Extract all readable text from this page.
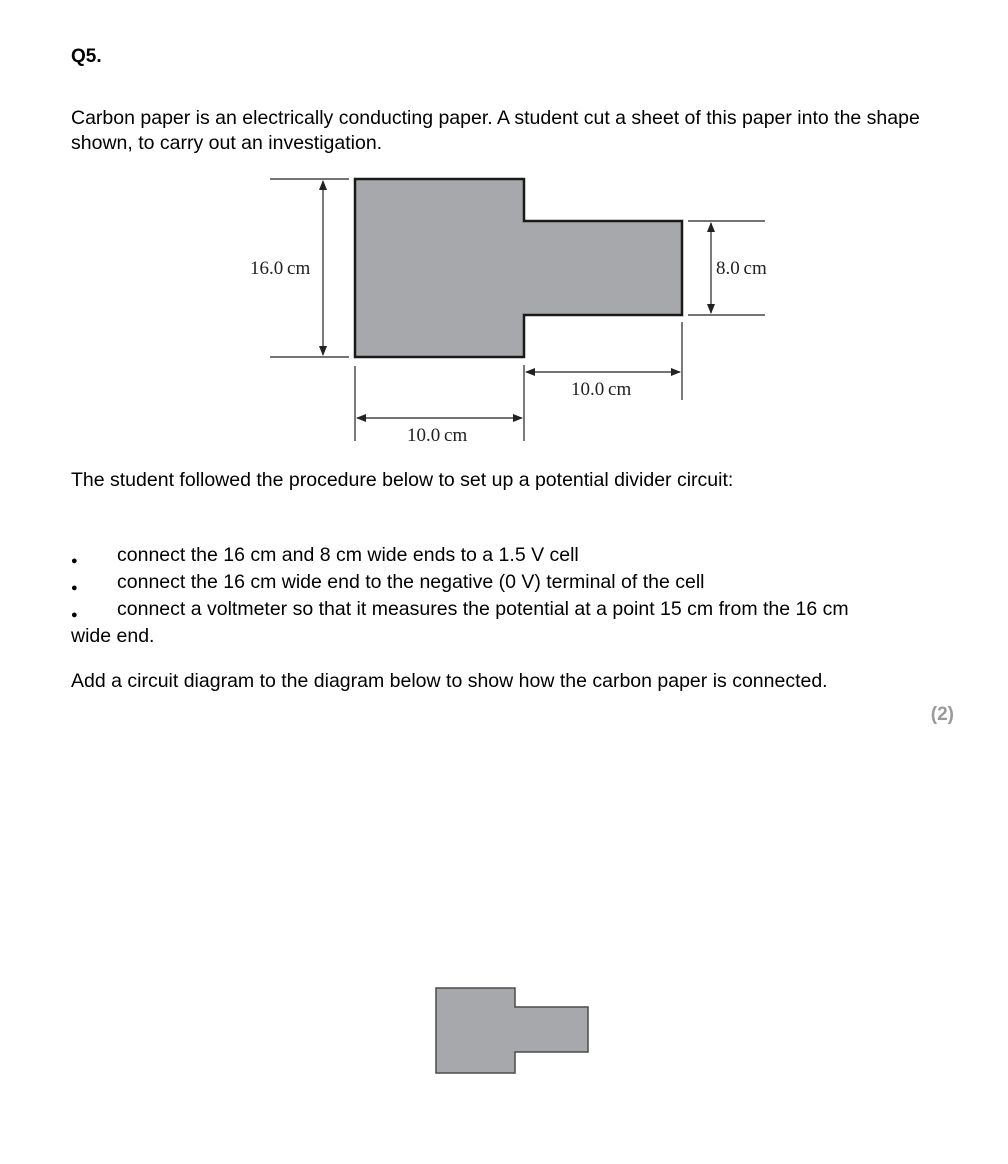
Q5.
Carbon paper is an electrically conducting paper. A student cut a sheet of this paper into the shape shown, to carry out an investigation.
16.0 cm	8.0 cm
10.0 cm
10.0 cm
The student followed the procedure below to set up a potential divider circuit:
● connect the 16 cm and 8 cm wide ends to a 1.5 V cell
● connect the 16 cm wide end to the negative (0 V) terminal of the cell
● connect a voltmeter so that it measures the potential at a point 15 cm from the 16 cm
wide end.
Add a circuit diagram to the diagram below to show how the carbon paper is connected.
(2)
